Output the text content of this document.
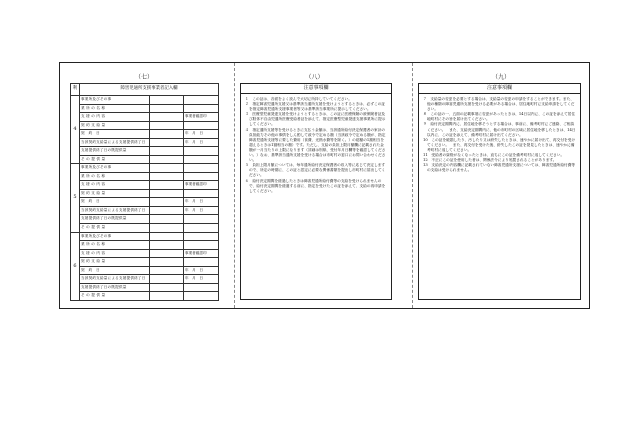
（七）
利	障害児通所支援事業者記入欄		
4	事業所及びその事		
	業 所 の 名 称		
	支 援 の 内 容		事業者確認印
	契 約 支 給 量		
	契　約　日		年　月　日
	当該契約支給量による支援提供終了日		年　月　日
	支援提供終了日の既提供量		
	そ の 提 供 量		
5	事業所及びその事		
	業 所 の 名 称		
	支 援 の 内 容		事業者確認印
	契 約 支 給 量		
	契　約　日		年　月　日
	当該契約支給量による支援提供終了日		年　月　日
	支援提供終了日の既提供量		
	そ の 提 供 量		
6	事業所及びその事		
	業 所 の 名 称		
	支 援 の 内 容		事業者確認印
	契 約 支 給 量		
	契　約　日		年　月　日
	当該契約支給量による支援提供終了日		年　月　日
	支援提供終了日の既提供量		
	そ の 提 供 量		
（八）
注意事項欄

１　この証は、各面をよく読んで大切に所持していてください。

２　指定障害児通所支援又は基準該当通所支援を受けようとするときは、必ずこの証を指定障害児通所支援事業者等又は基準該当事業所に提示してください。

３　医療型児童発達支援を受けようとするときは、この証に医療保険の被保険者証及び肢体不自由児通所医療受給者証を添えて、指定医療型児童発達支援事業所に提示してください。

４　指定通所支援等を受けるときに支払う金額は、当該通所給付決定保護者の家計の負担能力その他の事情をしん酌して政令で定める額（当該政令で定める額が、指定障害児通所支援等に要した費用（食費、光熱水費等を除く。）の総額の1割相当を超えるときは1割相当の額）です。ただし、支給の負担上限月額欄に記載された金額が一月当たりの上限になります（詳細は別紙、受付年月日欄等を確認してください。）なお、基準該当通所支援を受ける場合は市町村の窓口にお問い合わせください。

５　負担上限月額については、毎年通所給付決定保護者の収入等に応じて決定しますので、所定の時期に、この証と認定に必要な関係書類を提出し市町村に届出してください。

６　給付決定期間を経過したときは障害児通所給付費等の支給を受けられませんので、給付決定期間を経過する前に、指定を受けたこの証を添えて、支給の再申請をしてください。

（九）
注意事項欄

７　支給量の変更を必要とする場合は、支給量の変更の申請をすることができます。また、他の種類の障害児通所支援を受ける必要がある場合は、居住地町村に支給申請をしてください。

８　この証の一、五面の記載事項に変更があったときは、14日以内に、この証を添えて居住地町村にその旨を届け出てください。

９　給付決定期間内に、居住地を移そうとする場合は、事前に、備考町村にご連絡、ご相談ください。　また、支給決定期間内に、他の市町村の区域に居住地を移したときは、14日以内に、この証を添えて、備考町村に届け出てください。

10　この証を破損したり、汚したり又は紛失したときは、速やかに届け出て、再交付を受けてください。　また、再交付を受けた後、紛失したこの証を発見したときは、速やかに備考町村に返してください。

11　受給者の資格がなくなったときは、直ちにこの証を備考町村に返してください。

12　不正にこの証を使用した者は、関係法令により処罰されることがあります。

13　支給決定の内容欄に記載されていない障害児通所支援については、障害児通所給付費等の支給は受けられません。
